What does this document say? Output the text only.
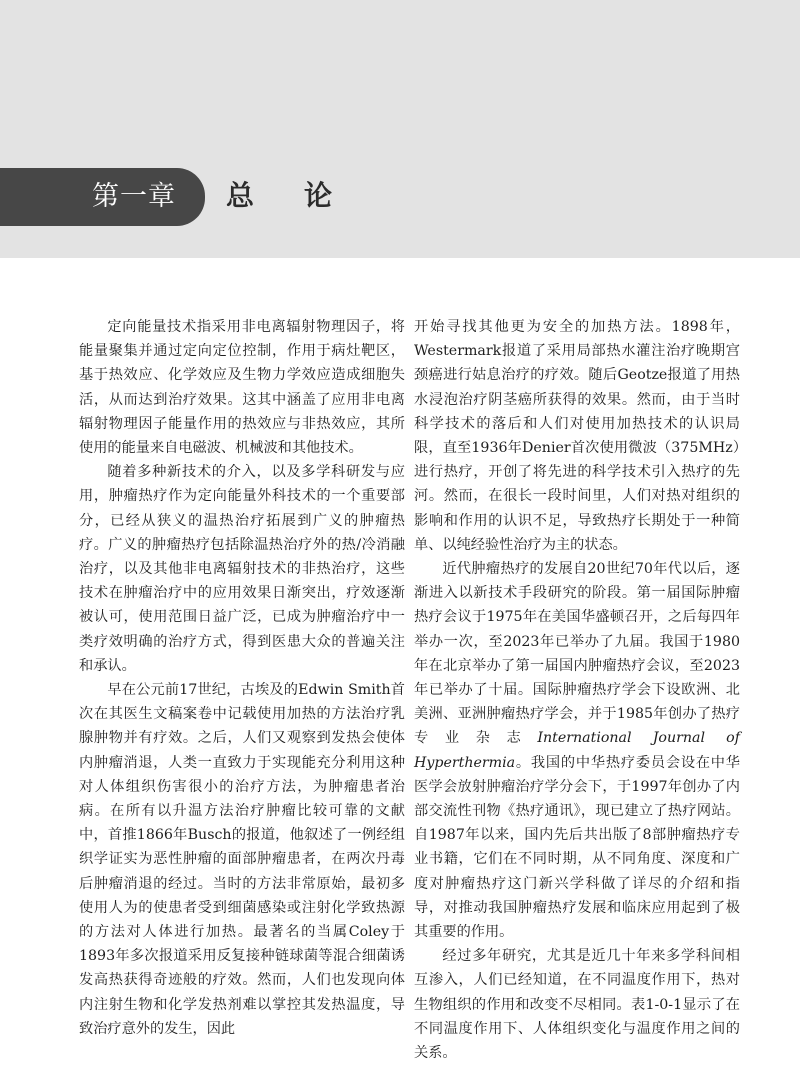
第一章 总论

定向能量技术指采用非电离辐射物理因子，将能量聚集并通过定向定位控制，作用于病灶靶区，基于热效应、化学效应及生物力学效应造成细胞失活，从而达到治疗效果。这其中涵盖了应用非电离辐射物理因子能量作用的热效应与非热效应，其所使用的能量来自电磁波、机械波和其他技术。

随着多种新技术的介入，以及多学科研发与应用，肿瘤热疗作为定向能量外科技术的一个重要部分，已经从狭义的温热治疗拓展到广义的肿瘤热疗。广义的肿瘤热疗包括除温热治疗外的热/冷消融治疗，以及其他非电离辐射技术的非热治疗，这些技术在肿瘤治疗中的应用效果日渐突出，疗效逐渐被认可，使用范围日益广泛，已成为肿瘤治疗中一类疗效明确的治疗方式，得到医患大众的普遍关注和承认。

早在公元前17世纪，古埃及的Edwin Smith首次在其医生文稿案卷中记载使用加热的方法治疗乳腺肿物并有疗效。之后，人们又观察到发热会使体内肿瘤消退，人类一直致力于实现能充分利用这种对人体组织伤害很小的治疗方法，为肿瘤患者治病。在所有以升温方法治疗肿瘤比较可靠的文献中，首推1866年Busch的报道，他叙述了一例经组织学证实为恶性肿瘤的面部肿瘤患者，在两次丹毒后肿瘤消退的经过。当时的方法非常原始，最初多使用人为的使患者受到细菌感染或注射化学致热源的方法对人体进行加热。最著名的当属Coley于1893年多次报道采用反复接种链球菌等混合细菌诱发高热获得奇迹般的疗效。然而，人们也发现向体内注射生物和化学发热剂难以掌控其发热温度，导致治疗意外的发生，因此

开始寻找其他更为安全的加热方法。1898年，Westermark报道了采用局部热水灌注治疗晚期宫颈癌进行姑息治疗的疗效。随后Geotze报道了用热水浸泡治疗阴茎癌所获得的效果。然而，由于当时科学技术的落后和人们对使用加热技术的认识局限，直至1936年Denier首次使用微波（375MHz）进行热疗，开创了将先进的科学技术引入热疗的先河。然而，在很长一段时间里，人们对热对组织的影响和作用的认识不足，导致热疗长期处于一种简单、以纯经验性治疗为主的状态。

近代肿瘤热疗的发展自20世纪70年代以后，逐渐进入以新技术手段研究的阶段。第一届国际肿瘤热疗会议于1975年在美国华盛顿召开，之后每四年举办一次，至2023年已举办了九届。我国于1980年在北京举办了第一届国内肿瘤热疗会议，至2023年已举办了十届。国际肿瘤热疗学会下设欧洲、北美洲、亚洲肿瘤热疗学会，并于1985年创办了热疗专业杂志International Journal of Hyperthermia。我国的中华热疗委员会设在中华医学会放射肿瘤治疗学分会下，于1997年创办了内部交流性刊物《热疗通讯》，现已建立了热疗网站。自1987年以来，国内先后共出版了8部肿瘤热疗专业书籍，它们在不同时期，从不同角度、深度和广度对肿瘤热疗这门新兴学科做了详尽的介绍和指导，对推动我国肿瘤热疗发展和临床应用起到了极其重要的作用。

经过多年研究，尤其是近几十年来多学科间相互渗入，人们已经知道，在不同温度作用下，热对生物组织的作用和改变不尽相同。表1-0-1显示了在不同温度作用下、人体组织变化与温度作用之间的关系。
